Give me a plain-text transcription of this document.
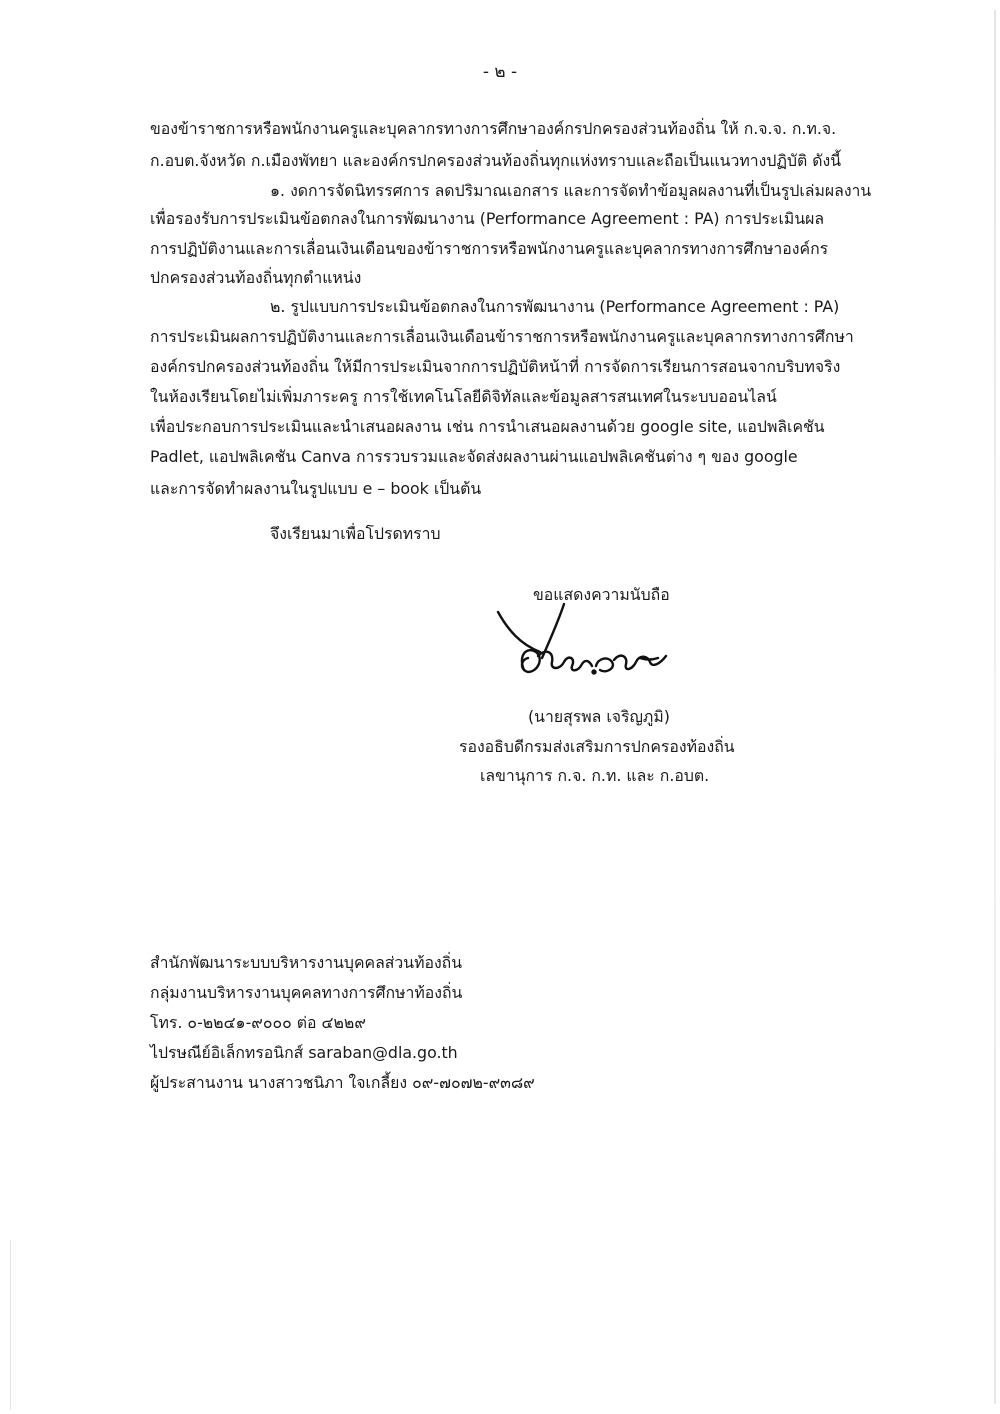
- ๒ -
ของข้าราชการหรือพนักงานครูและบุคลากรทางการศึกษาองค์กรปกครองส่วนท้องถิ่น ให้ ก.จ.จ. ก.ท.จ.
ก.อบต.จังหวัด ก.เมืองพัทยา และองค์กรปกครองส่วนท้องถิ่นทุกแห่งทราบและถือเป็นแนวทางปฏิบัติ ดังนี้
๑. งดการจัดนิทรรศการ ลดปริมาณเอกสาร และการจัดทำข้อมูลผลงานที่เป็นรูปเล่มผลงาน
เพื่อรองรับการประเมินข้อตกลงในการพัฒนางาน (Performance Agreement : PA) การประเมินผล
การปฏิบัติงานและการเลื่อนเงินเดือนของข้าราชการหรือพนักงานครูและบุคลากรทางการศึกษาองค์กร
ปกครองส่วนท้องถิ่นทุกตำแหน่ง
๒. รูปแบบการประเมินข้อตกลงในการพัฒนางาน (Performance Agreement : PA)
การประเมินผลการปฏิบัติงานและการเลื่อนเงินเดือนข้าราชการหรือพนักงานครูและบุคลากรทางการศึกษา
องค์กรปกครองส่วนท้องถิ่น ให้มีการประเมินจากการปฏิบัติหน้าที่ การจัดการเรียนการสอนจากบริบทจริง
ในห้องเรียนโดยไม่เพิ่มภาระครู การใช้เทคโนโลยีดิจิทัลและข้อมูลสารสนเทศในระบบออนไลน์
เพื่อประกอบการประเมินและนำเสนอผลงาน เช่น การนำเสนอผลงานด้วย google site, แอปพลิเคชัน
Padlet, แอปพลิเคชัน Canva การรวบรวมและจัดส่งผลงานผ่านแอปพลิเคชันต่าง ๆ ของ google
และการจัดทำผลงานในรูปแบบ e – book เป็นต้น
จึงเรียนมาเพื่อโปรดทราบ
ขอแสดงความนับถือ
(นายสุรพล เจริญภูมิ)
รองอธิบดีกรมส่งเสริมการปกครองท้องถิ่น
เลขานุการ ก.จ. ก.ท. และ ก.อบต.
สำนักพัฒนาระบบบริหารงานบุคคลส่วนท้องถิ่น
กลุ่มงานบริหารงานบุคคลทางการศึกษาท้องถิ่น
โทร. ๐-๒๒๔๑-๙๐๐๐ ต่อ ๔๒๒๙
ไปรษณีย์อิเล็กทรอนิกส์ saraban@dla.go.th
ผู้ประสานงาน นางสาวชนิภา ใจเกลี้ยง ๐๙-๗๐๗๒-๙๓๘๙
